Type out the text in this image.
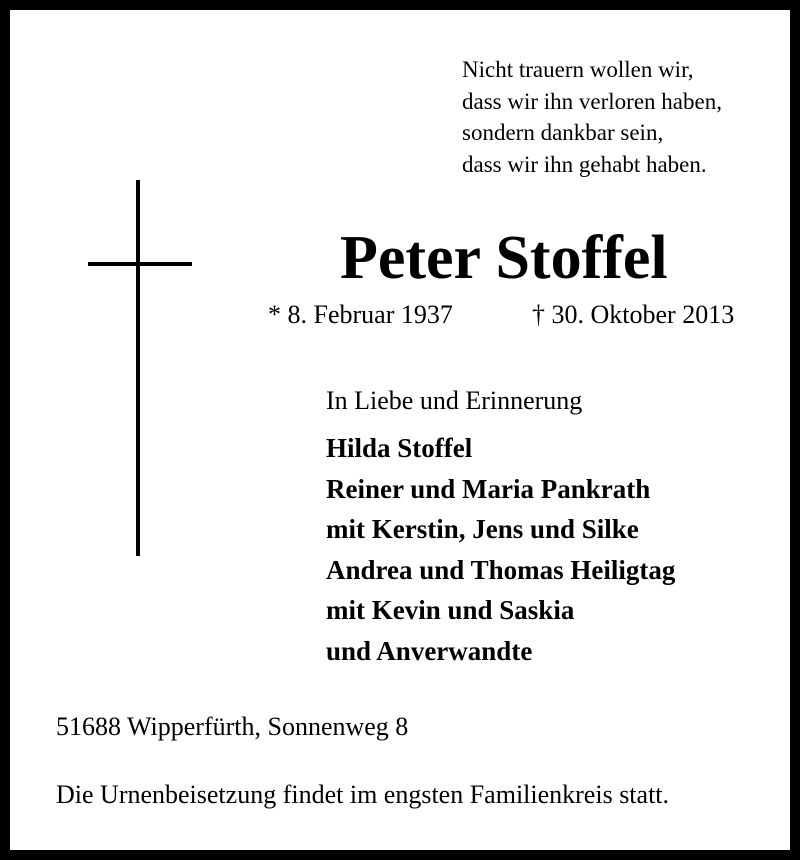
Nicht trauern wollen wir,
dass wir ihn verloren haben,
sondern dankbar sein,
dass wir ihn gehabt haben.
Peter Stoffel
* 8. Februar 1937	† 30. Oktober 2013
In Liebe und Erinnerung
Hilda Stoffel
Reiner und Maria Pankrath
mit Kerstin, Jens und Silke
Andrea und Thomas Heiligtag
mit Kevin und Saskia
und Anverwandte
51688 Wipperfürth, Sonnenweg 8
Die Urnenbeisetzung findet im engsten Familienkreis statt.
